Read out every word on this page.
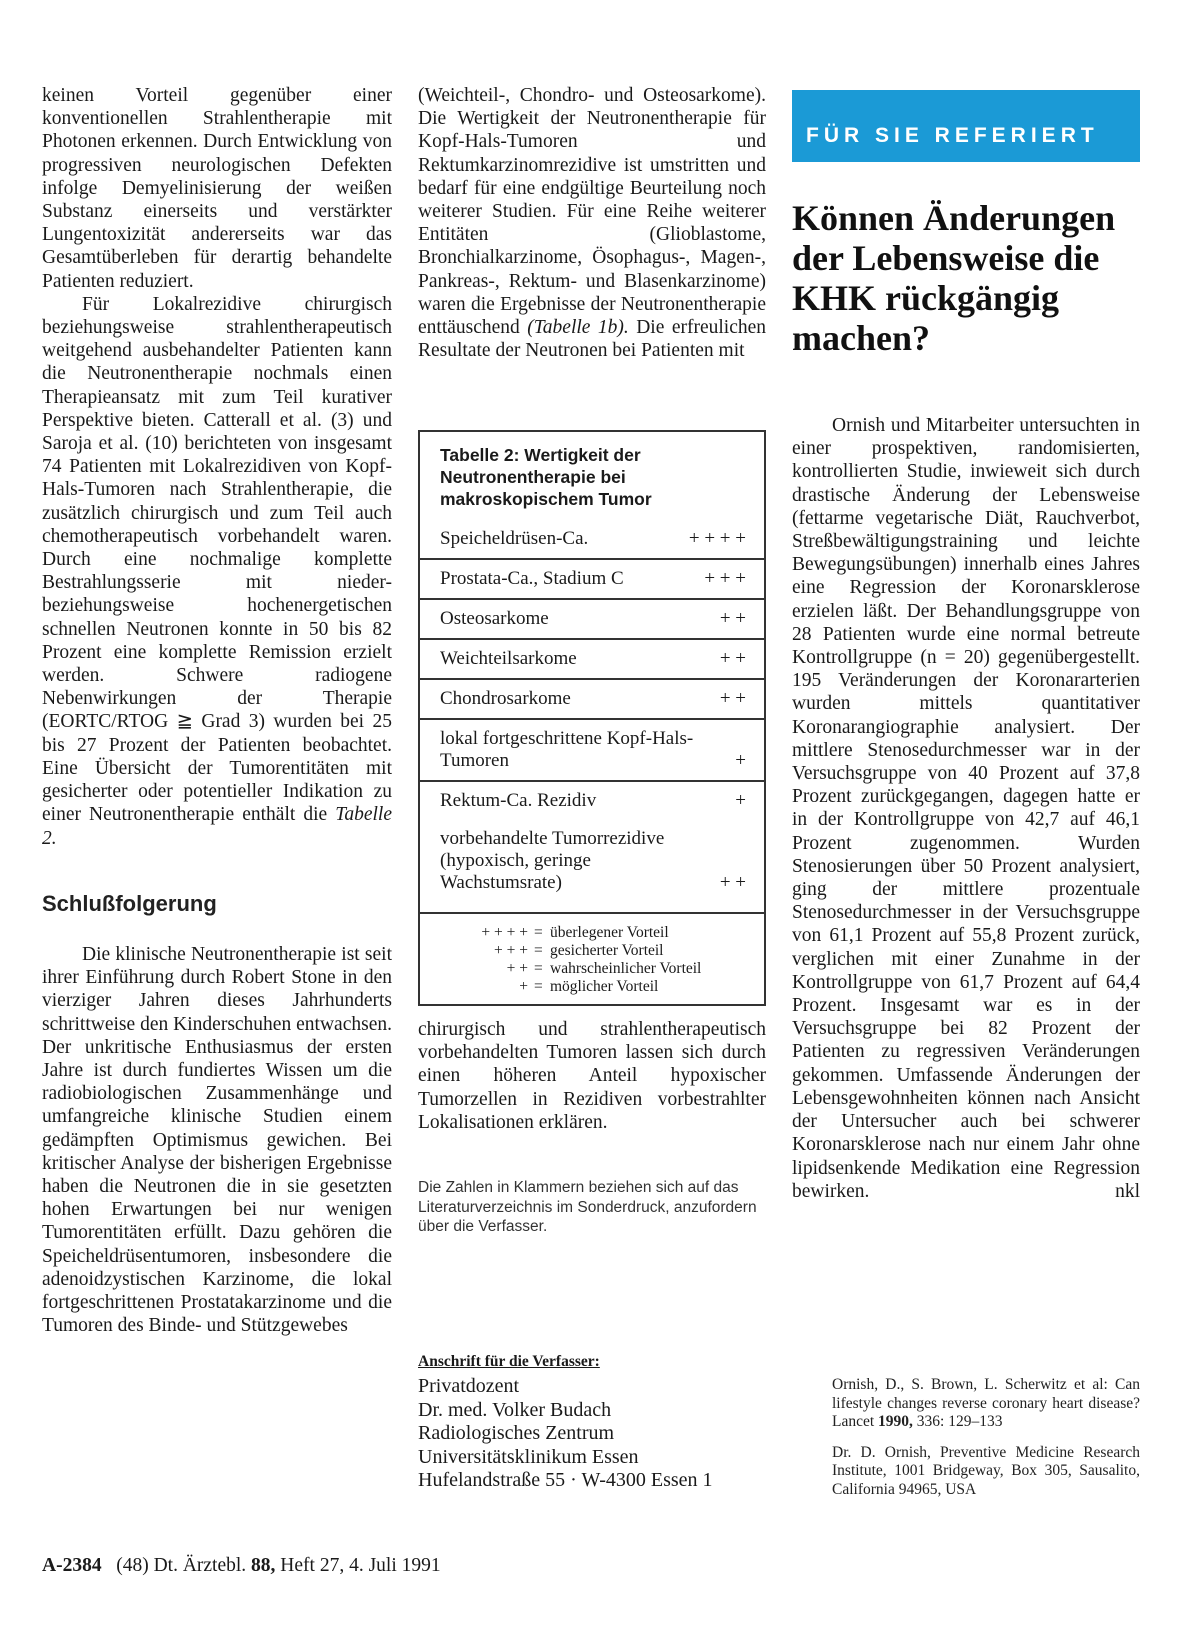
keinen Vorteil gegenüber einer konventionellen Strahlentherapie mit Photonen erkennen. Durch Entwicklung von progressiven neurologischen Defekten infolge Demyelinisierung der weißen Substanz einerseits und verstärkter Lungentoxizität andererseits war das Gesamtüberleben für derartig behandelte Patienten reduziert.

Für Lokalrezidive chirurgisch beziehungsweise strahlentherapeutisch weitgehend ausbehandelter Patienten kann die Neutronentherapie nochmals einen Therapieansatz mit zum Teil kurativer Perspektive bieten. Catterall et al. (3) und Saroja et al. (10) berichteten von insgesamt 74 Patienten mit Lokalrezidiven von Kopf-Hals-Tumoren nach Strahlentherapie, die zusätzlich chirurgisch und zum Teil auch chemotherapeutisch vorbehandelt waren. Durch eine nochmalige komplette Bestrahlungsserie mit nieder- beziehungsweise hochenergetischen schnellen Neutronen konnte in 50 bis 82 Prozent eine komplette Remission erzielt werden. Schwere radiogene Nebenwirkungen der Therapie (EORTC/RTOG ≧ Grad 3) wurden bei 25 bis 27 Prozent der Patienten beobachtet. Eine Übersicht der Tumorentitäten mit gesicherter oder potentieller Indikation zu einer Neutronentherapie enthält die Tabelle 2.

Schlußfolgerung

Die klinische Neutronentherapie ist seit ihrer Einführung durch Robert Stone in den vierziger Jahren dieses Jahrhunderts schrittweise den Kinderschuhen entwachsen. Der unkritische Enthusiasmus der ersten Jahre ist durch fundiertes Wissen um die radiobiologischen Zusammenhänge und umfangreiche klinische Studien einem gedämpften Optimismus gewichen. Bei kritischer Analyse der bisherigen Ergebnisse haben die Neutronen die in sie gesetzten hohen Erwartungen bei nur wenigen Tumorentitäten erfüllt. Dazu gehören die Speicheldrüsentumoren, insbesondere die adenoidzystischen Karzinome, die lokal fortgeschrittenen Prostatakarzinome und die Tumoren des Binde- und Stützgewebes

(Weichteil-, Chondro- und Osteosarkome). Die Wertigkeit der Neutronentherapie für Kopf-Hals-Tumoren und Rektumkarzinomrezidive ist umstritten und bedarf für eine endgültige Beurteilung noch weiterer Studien. Für eine Reihe weiterer Entitäten (Glioblastome, Bronchialkarzinome, Ösophagus-, Magen-, Pankreas-, Rektum- und Blasenkarzinome) waren die Ergebnisse der Neutronentherapie enttäuschend (Tabelle 1b). Die erfreulichen Resultate der Neutronen bei Patienten mit

Tabelle 2: Wertigkeit der Neutronentherapie bei makroskopischem Tumor
Speicheldrüsen-Ca.	+ + + +
Prostata-Ca., Stadium C	+ + +
Osteosarkome	+ +
Weichteilsarkome	+ +
Chondrosarkome	+ +
lokal fortgeschrittene Kopf-Hals-Tumoren	+
Rektum-Ca. Rezidiv	+
vorbehandelte Tumorrezidive (hypoxisch, geringe Wachstumsrate)	+ +
+ + + + = überlegener Vorteil
+ + + = gesicherter Vorteil
+ + = wahrscheinlicher Vorteil
+ = möglicher Vorteil
chirurgisch und strahlentherapeutisch vorbehandelten Tumoren lassen sich durch einen höheren Anteil hypoxischer Tumorzellen in Rezidiven vorbestrahlter Lokalisationen erklären.
Die Zahlen in Klammern beziehen sich auf das Literaturverzeichnis im Sonderdruck, anzufordern über die Verfasser.
Anschrift für die Verfasser:
Privatdozent
Dr. med. Volker Budach
Radiologisches Zentrum
Universitätsklinikum Essen
Hufelandstraße 55 · W-4300 Essen 1
FÜR SIE REFERIERT
Können Änderungen der Lebensweise die KHK rückgängig machen?

Ornish und Mitarbeiter untersuchten in einer prospektiven, randomisierten, kontrollierten Studie, inwieweit sich durch drastische Änderung der Lebensweise (fettarme vegetarische Diät, Rauchverbot, Streßbewältigungstraining und leichte Bewegungsübungen) innerhalb eines Jahres eine Regression der Koronarsklerose erzielen läßt. Der Behandlungsgruppe von 28 Patienten wurde eine normal betreute Kontrollgruppe (n = 20) gegenübergestellt. 195 Veränderungen der Koronararterien wurden mittels quantitativer Koronarangiographie analysiert. Der mittlere Stenosedurchmesser war in der Versuchsgruppe von 40 Prozent auf 37,8 Prozent zurückgegangen, dagegen hatte er in der Kontrollgruppe von 42,7 auf 46,1 Prozent zugenommen. Wurden Stenosierungen über 50 Prozent analysiert, ging der mittlere prozentuale Stenosedurchmesser in der Versuchsgruppe von 61,1 Prozent auf 55,8 Prozent zurück, verglichen mit einer Zunahme in der Kontrollgruppe von 61,7 Prozent auf 64,4 Prozent. Insgesamt war es in der Versuchsgruppe bei 82 Prozent der Patienten zu regressiven Veränderungen gekommen. Umfassende Änderungen der Lebensgewohnheiten können nach Ansicht der Untersucher auch bei schwerer Koronarsklerose nach nur einem Jahr ohne lipidsenkende Medikation eine Regression bewirken.	nkl

Ornish, D., S. Brown, L. Scherwitz et al: Can lifestyle changes reverse coronary heart disease? Lancet 1990, 336: 129–133

Dr. D. Ornish, Preventive Medicine Research Institute, 1001 Bridgeway, Box 305, Sausalito, California 94965, USA

A-2384 (48) Dt. Ärztebl. 88, Heft 27, 4. Juli 1991
